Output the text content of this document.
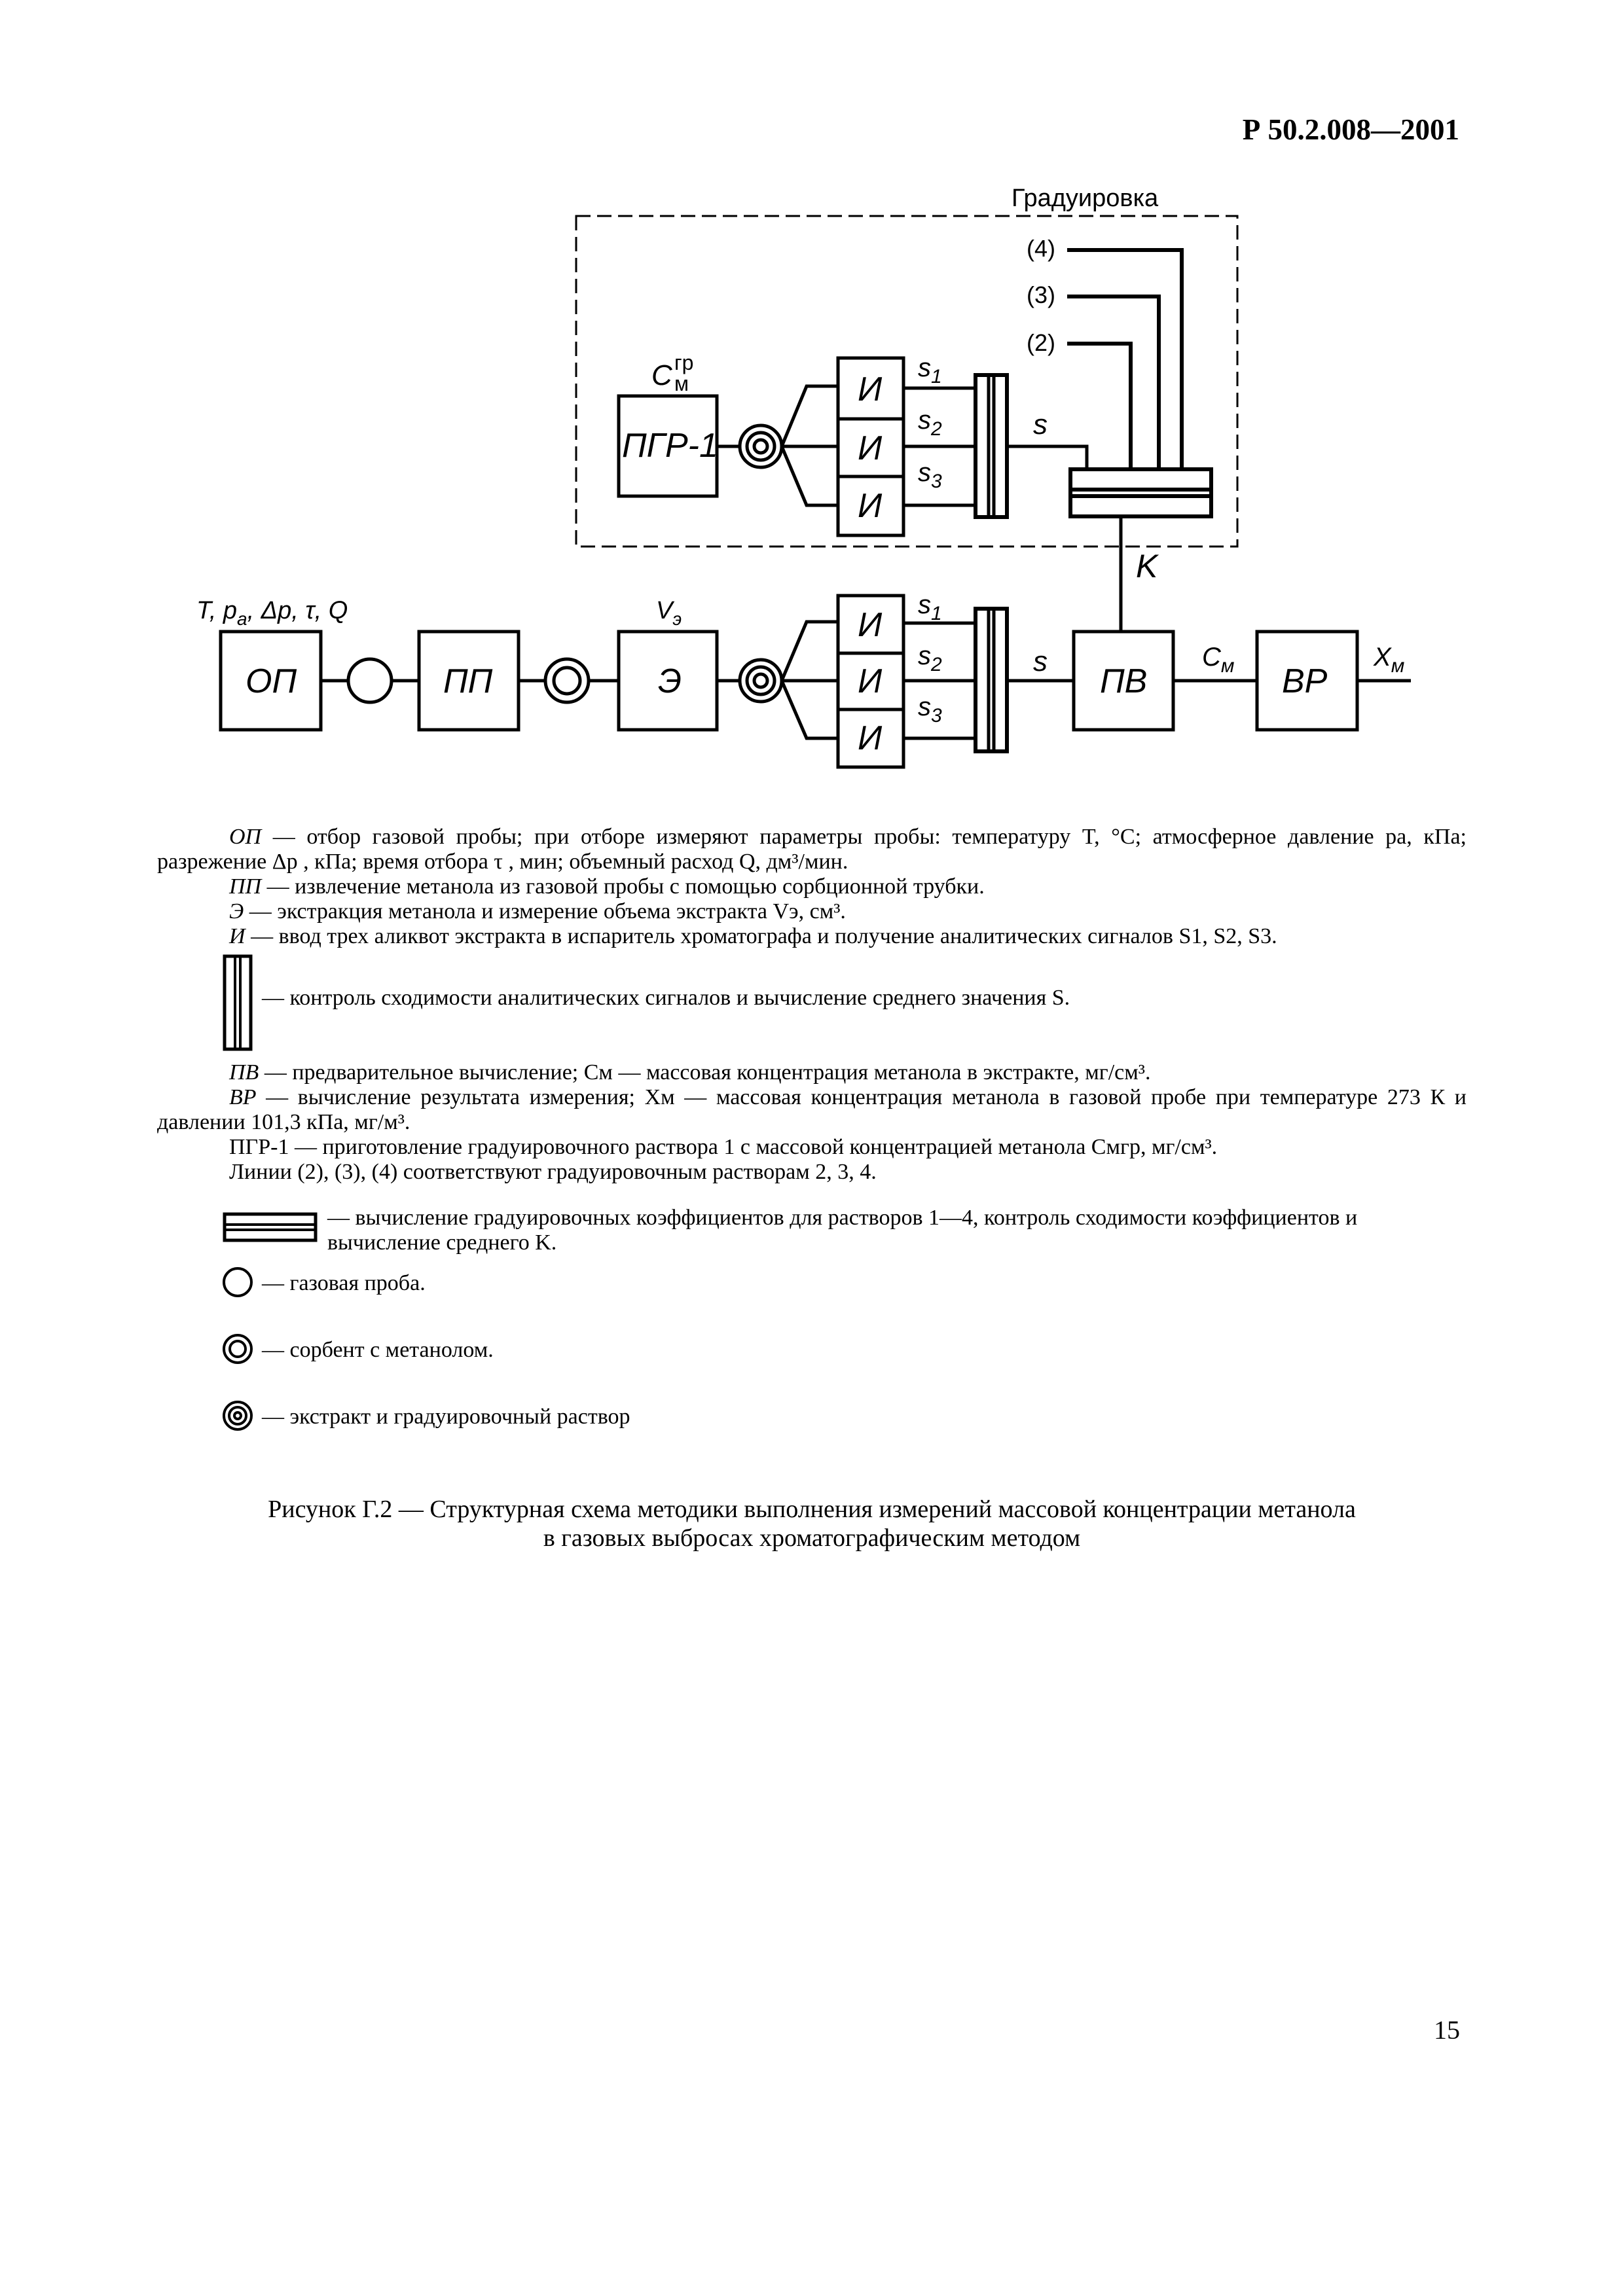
Р 50.2.008—2001
Градуировка
(4)
(3)
(2)
C гр
м
ПГР-1
И
И
И
$s_1$
$s_2$
$s_3$
s
K
T, $p_а$, Δp, τ, Q
ОП	ПП
$V_э$
Э
И
И
И
$s_1$
$s_2$
$s_3$
s
ПВ
$C_м$ ВР
$X_м$

ОП — отбор газовой пробы; при отборе измеряют параметры пробы: температуру T, °С; атмосферное давление pа, кПа; разрежение Δp , кПа; время отбора τ , мин; объемный расход Q, дм³/мин.

ПП — извлечение метанола из газовой пробы с помощью сорбционной трубки.

Э — экстракция метанола и измерение объема экстракта Vэ, см³.

И — ввод трех аликвот экстракта в испаритель хроматографа и получение аналитических сигналов S1, S2, S3.

— контроль сходимости аналитических сигналов и вычисление среднего значения S.

ПВ — предварительное вычисление; Cм — массовая концентрация метанола в экстракте, мг/см³.

ВР — вычисление результата измерения; Xм — массовая концентрация метанола в газовой пробе при температуре 273 К и давлении 101,3 кПа, мг/м³.

ПГР-1 — приготовление градуировочного раствора 1 с массовой концентрацией метанола Cмгр, мг/см³.

Линии (2), (3), (4) соответствуют градуировочным растворам 2, 3, 4.

— вычисление градуировочных коэффициентов для растворов 1—4, контроль сходимости коэффициентов и вычисление среднего K.
— газовая проба.
— сорбент с метанолом.
— экстракт и градуировочный раствор
Рисунок Г.2 — Структурная схема методики выполнения измерений массовой концентрации метанола
в газовых выбросах хроматографическим методом
15
